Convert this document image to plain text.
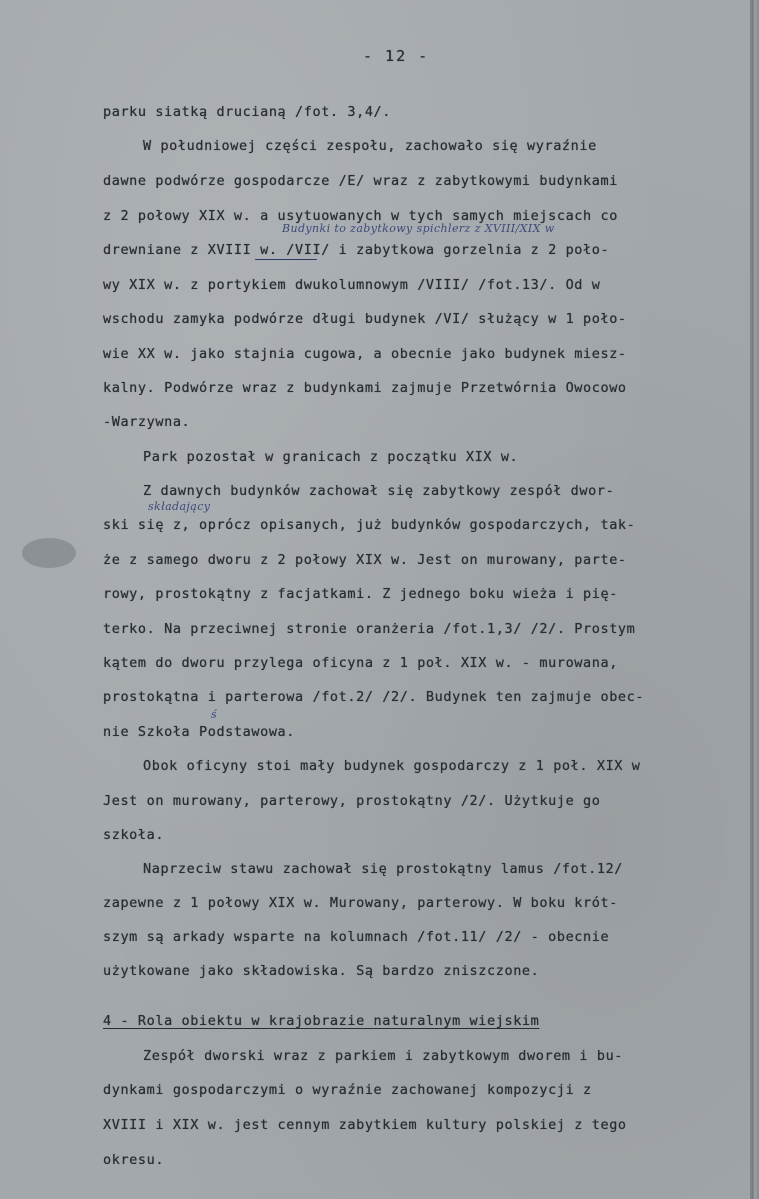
- 12 -
parku siatką drucianą /fot. 3,4/.
W południowej części zespołu, zachowało się wyraźnie
dawne podwórze gospodarcze /E/ wraz z zabytkowymi budynkami
z 2 połowy XIX w. a usytuowanych w tych samych miejscach co
drewniane z XVIII w. /VII/ i zabytkowa gorzelnia z 2 poło-
wy XIX w. z portykiem dwukolumnowym /VIII/ /fot.13/. Od w
wschodu zamyka podwórze długi budynek /VI/ służący w 1 poło-
wie XX w. jako stajnia cugowa, a obecnie jako budynek miesz-
kalny. Podwórze wraz z budynkami zajmuje Przetwórnia Owocowo
-Warzywna.
Park pozostał w granicach z początku XIX w.
Z dawnych budynków zachował się zabytkowy zespół dwor-
ski się z, oprócz opisanych, już budynków gospodarczych, tak-
że z samego dworu z 2 połowy XIX w. Jest on murowany, parte-
rowy, prostokątny z facjatkami. Z jednego boku wieża i pię-
terko. Na przeciwnej stronie oranżeria /fot.1,3/ /2/. Prostym
kątem do dworu przylega oficyna z 1 poł. XIX w. - murowana,
prostokątna i parterowa /fot.2/ /2/. Budynek ten zajmuje obec-
nie Szkoła Podstawowa.
Obok oficyny stoi mały budynek gospodarczy z 1 poł. XIX w
Jest on murowany, parterowy, prostokątny /2/. Użytkuje go
szkoła.
Naprzeciw stawu zachował się prostokątny lamus /fot.12/
zapewne z 1 połowy XIX w. Murowany, parterowy. W boku krót-
szym są arkady wsparte na kolumnach /fot.11/ /2/ - obecnie
użytkowane jako składowiska. Są bardzo zniszczone.
4 - Rola obiektu w krajobrazie naturalnym wiejskim
Zespół dworski wraz z parkiem i zabytkowym dworem i bu-
dynkami gospodarczymi o wyraźnie zachowanej kompozycji z
XVIII i XIX w. jest cennym zabytkiem kultury polskiej z tego
okresu.
Budynki to zabytkowy spichlerz z XVIII/XIX w
składający
ś
